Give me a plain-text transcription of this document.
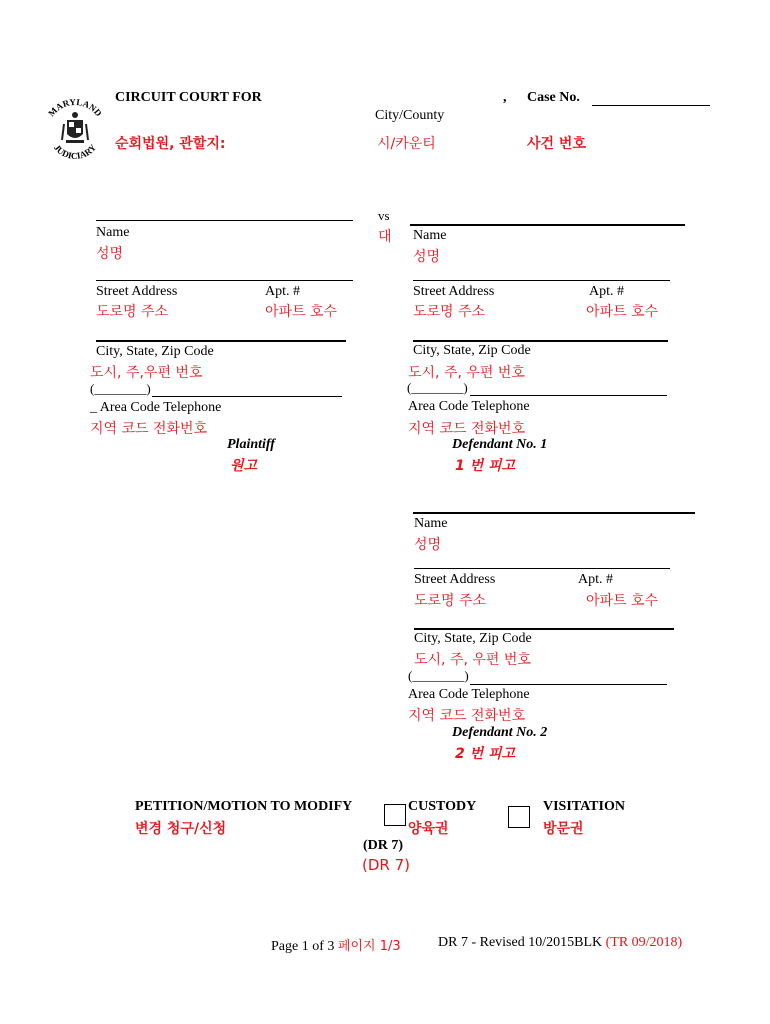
MARYLAND
JUDICIARY
CIRCUIT COURT FOR	, Case No.
City/County
순회법원, 관할지:	시/카운티	사건 번호
Name
성명
Street Address	Apt. #
도로명 주소	아파트 호수
City, State, Zip Code
도시, 주,우편 번호
(________)
_ Area Code Telephone
지역 코드 전화번호
Plaintiff
원고
vs
대 Name
성명
Street Address	Apt. #
도로명 주소	아파트 호수
City, State, Zip Code
도시, 주, 우편 번호
(________)
Area Code Telephone
지역 코드 전화번호
Defendant No. 1
1 번 피고
Name
성명
Street Address	Apt. #
도로명 주소	아파트 호수
City, State, Zip Code
도시, 주, 우편 번호
(________)
Area Code Telephone
지역 코드 전화번호
Defendant No. 2
2 번 피고
PETITION/MOTION TO MODIFY
변경 청구/신청
CUSTODY
양육권
VISITATION
방문권
(DR 7)
(DR 7)
Page 1 of 3 페이지 1/3	DR 7 - Revised 10/2015BLK (TR 09/2018)
